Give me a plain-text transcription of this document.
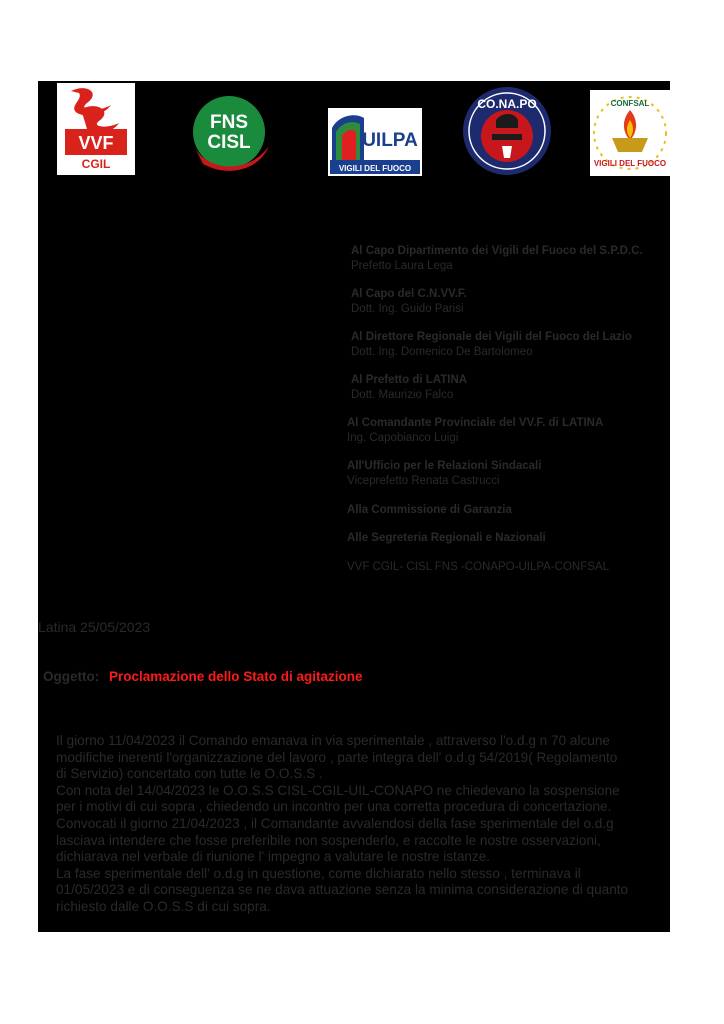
VVF
CGIL
FNS
CISL	UILPA
VIGILI DEL FUOCO
CO.NA.PO	CONFSAL
VIGILI DEL FUOCO
Al Capo Dipartimento dei Vigili del Fuoco del S.P.D.C.
Prefetto Laura Lega
Al Capo del C.N.VV.F.
Dott. Ing. Guido Parisi
Al Direttore Regionale dei Vigili del Fuoco del Lazio
Dott. Ing. Domenico De Bartolomeo
Al Prefetto di LATINA
Dott. Maurizio Falco
Al Comandante Provinciale del VV.F. di LATINA
Ing. Capobianco Luigi
All'Ufficio per le Relazioni Sindacali
Viceprefetto Renata Castrucci
Alla Commissione di Garanzia
Alle Segreteria Regionali e Nazionali
VVF CGIL- CISL FNS -CONAPO-UILPA-CONFSAL
Latina 25/05/2023
Oggetto: Proclamazione dello Stato di agitazione

Il giorno 11/04/2023 il Comando emanava in via sperimentale , attraverso l'o.d.g n 70 alcune

modifiche inerenti l'organizzazione del lavoro , parte integra dell' o.d.g 54/2019( Regolamento

di Servizio) concertato con tutte le O.O.S.S .

Con nota del 14/04/2023 le O.O.S.S CISL-CGIL-UIL-CONAPO ne chiedevano la sospensione

per i motivi di cui sopra , chiedendo un incontro per una corretta procedura di concertazione.

Convocati il giorno 21/04/2023 , il Comandante avvalendosi della fase sperimentale del o.d.g

lasciava intendere che fosse preferibile non sospenderlo, e raccolte le nostre osservazioni,

dichiarava nel verbale di riunione l' impegno a valutare le nostre istanze.

La fase sperimentale dell' o.d.g in questione, come dichiarato nello stesso , terminava il

01/05/2023 e di conseguenza se ne dava attuazione senza la minima considerazione di quanto

richiesto dalle O.O.S.S di cui sopra.
